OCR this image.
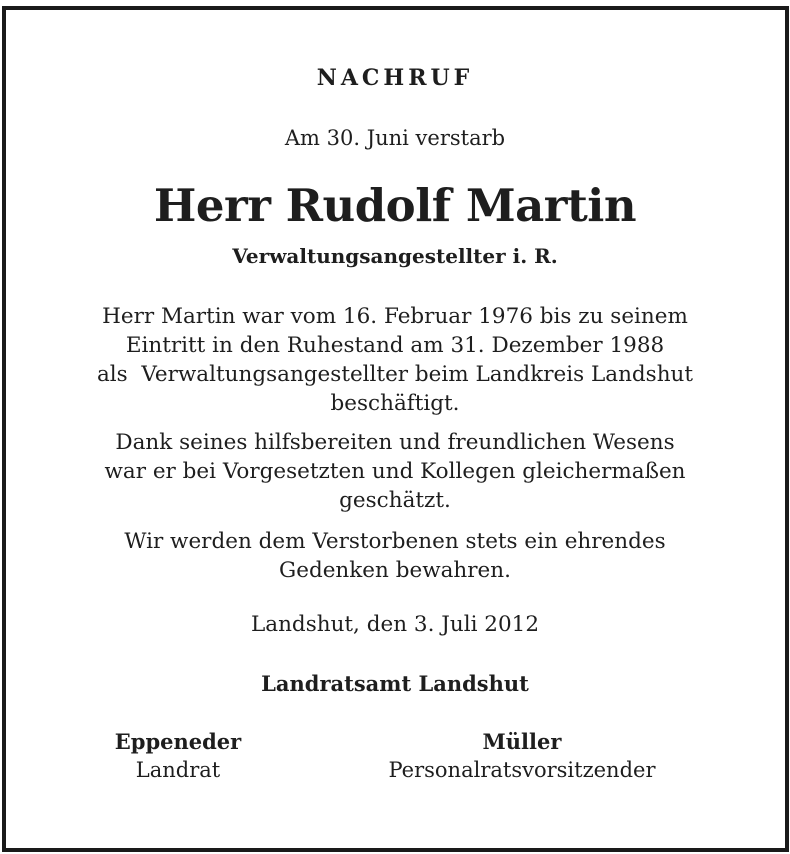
NACHRUF
Am 30. Juni verstarb
Herr Rudolf Martin
Verwaltungsangestellter i. R.
Herr Martin war vom 16. Februar 1976 bis zu seinem
Eintritt in den Ruhestand am 31. Dezember 1988
als  Verwaltungsangestellter beim Landkreis Landshut
beschäftigt.
Dank seines hilfsbereiten und freundlichen Wesens
war er bei Vorgesetzten und Kollegen gleichermaßen
geschätzt.
Wir werden dem Verstorbenen stets ein ehrendes
Gedenken bewahren.
Landshut, den 3. Juli 2012
Landratsamt Landshut
Eppeneder
Landrat
Müller
Personalratsvorsitzender
